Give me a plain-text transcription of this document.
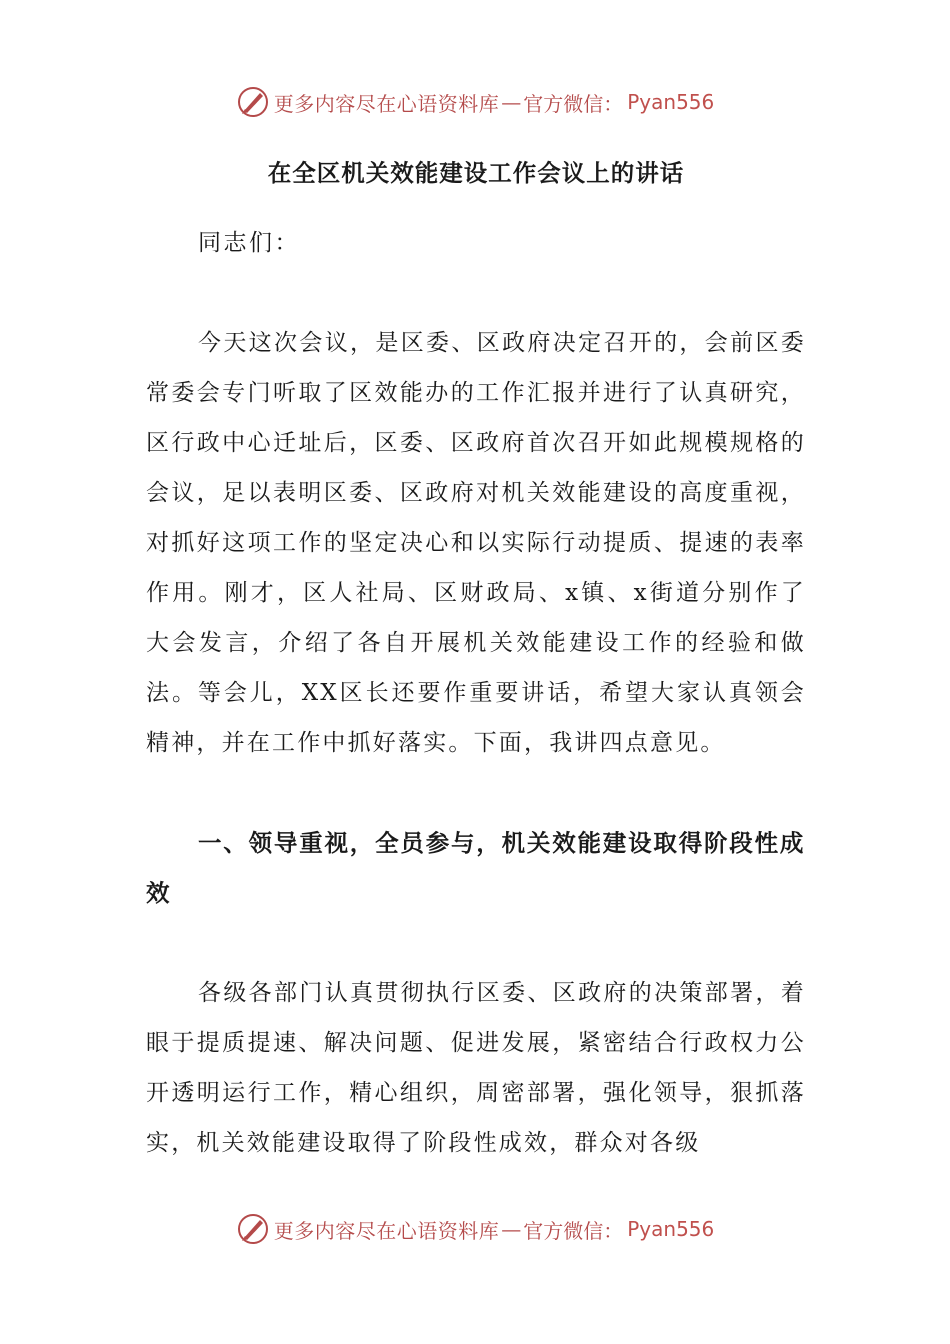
更多内容尽在心语资料库 — 官方微信： Pyan556
在全区机关效能建设工作会议上的讲话

同志们：

今天这次会议，是区委、区政府决定召开的，会前区委常委会专门听取了区效能办的工作汇报并进行了认真研究，区行政中心迁址后，区委、区政府首次召开如此规模规格的会议，足以表明区委、区政府对机关效能建设的高度重视，对抓好这项工作的坚定决心和以实际行动提质、提速的表率作用。刚才，区人社局、区财政局、x镇、x街道分别作了大会发言，介绍了各自开展机关效能建设工作的经验和做法。等会儿，XX区长还要作重要讲话，希望大家认真领会精神，并在工作中抓好落实。下面，我讲四点意见。

一、领导重视，全员参与，机关效能建设取得阶段性成效

各级各部门认真贯彻执行区委、区政府的决策部署，着眼于提质提速、解决问题、促进发展，紧密结合行政权力公开透明运行工作，精心组织，周密部署，强化领导，狠抓落实，机关效能建设取得了阶段性成效，群众对各级

更多内容尽在心语资料库 — 官方微信： Pyan556
